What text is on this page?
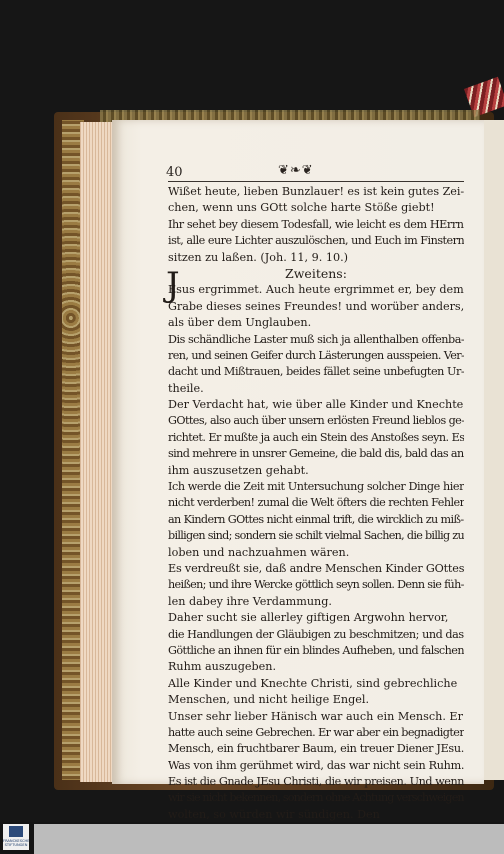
40	❦❧❦
J
Wißet heute, lieben Bunzlauer! es ist kein gutes Zei-
chen, wenn uns GOtt solche harte Stöße giebt!
Ihr sehet bey diesem Todesfall, wie leicht es dem HErrn
ist, alle eure Lichter auszulöschen, und Euch im Finstern
sitzen zu laßen. (Joh. 11, 9. 10.)
Zweitens:
Esus ergrimmet. Auch heute ergrimmet er, bey dem
Grabe dieses seines Freundes! und worüber anders,
als über dem Unglauben.
Dis schändliche Laster muß sich ja allenthalben offenba-
ren, und seinen Geifer durch Lästerungen ausspeien. Ver-
dacht und Mißtrauen, beides fället seine unbefugten Ur-
theile.
Der Verdacht hat, wie über alle Kinder und Knechte
GOttes, also auch über unsern erlösten Freund lieblos ge-
richtet. Er mußte ja auch ein Stein des Anstoßes seyn. Es
sind mehrere in unsrer Gemeine, die bald dis, bald das an
ihm auszusetzen gehabt.
Ich werde die Zeit mit Untersuchung solcher Dinge hier
nicht verderben! zumal die Welt öfters die rechten Fehler
an Kindern GOttes nicht einmal trift, die wircklich zu miß-
billigen sind; sondern sie schilt vielmal Sachen, die billig zu
loben und nachzuahmen wären.
Es verdreußt sie, daß andre Menschen Kinder GOttes
heißen; und ihre Wercke göttlich seyn sollen. Denn sie füh-
len dabey ihre Verdammung.
Daher sucht sie allerley giftigen Argwohn hervor,
die Handlungen der Gläubigen zu beschmitzen; und das
Göttliche an ihnen für ein blindes Aufheben, und falschen
Ruhm auszugeben.
Alle Kinder und Knechte Christi, sind gebrechliche
Menschen, und nicht heilige Engel.
Unser sehr lieber Hänisch war auch ein Mensch. Er
hatte auch seine Gebrechen. Er war aber ein begnadigter
Mensch, ein fruchtbarer Baum, ein treuer Diener JEsu.
Was von ihm gerühmet wird, das war nicht sein Ruhm.
Es ist die Gnade JEsu Christi, die wir preisen. Und wenn
wir sie nicht bekennen, sondern ohne Achtung verschweigen
wolten, so würden wir sündigen. Den
FRANCKESCHE STIFTUNGEN
